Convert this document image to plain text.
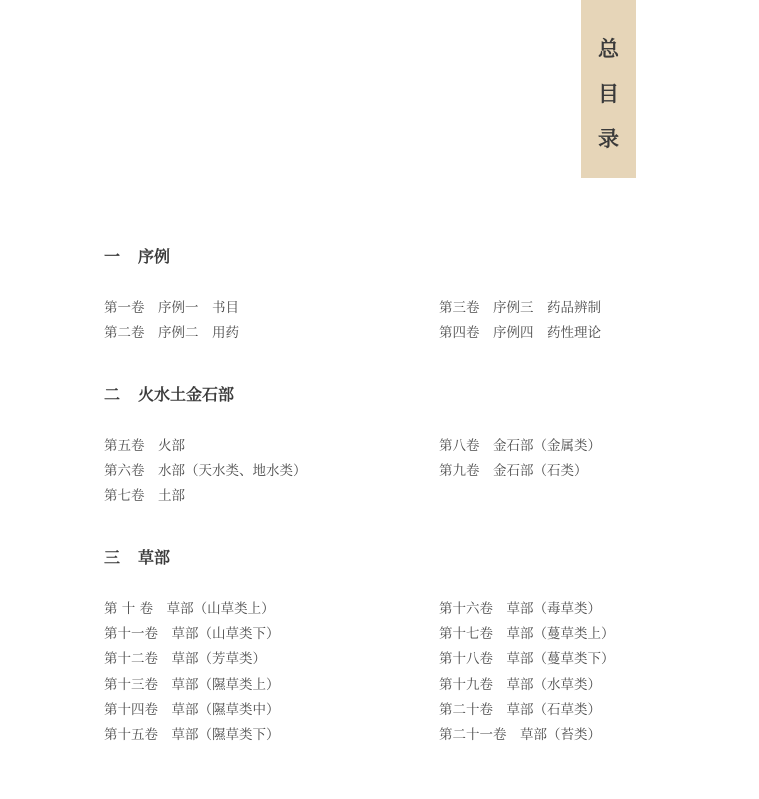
总
目
录
一	序例
第一卷　序例一　书目
第二卷　序例二　用药
第三卷　序例三　药品辨制
第四卷　序例四　药性理论
二	火水土金石部
第五卷　火部
第六卷　水部（天水类、地水类）
第七卷　土部
第八卷　金石部（金属类）
第九卷　金石部（石类）
三	草部
第 十 卷　草部（山草类上）
第十一卷　草部（山草类下）
第十二卷　草部（芳草类）
第十三卷　草部（隰草类上）
第十四卷　草部（隰草类中）
第十五卷　草部（隰草类下）
第十六卷　草部（毒草类）
第十七卷　草部（蔓草类上）
第十八卷　草部（蔓草类下）
第十九卷　草部（水草类）
第二十卷　草部（石草类）
第二十一卷　草部（苔类）
